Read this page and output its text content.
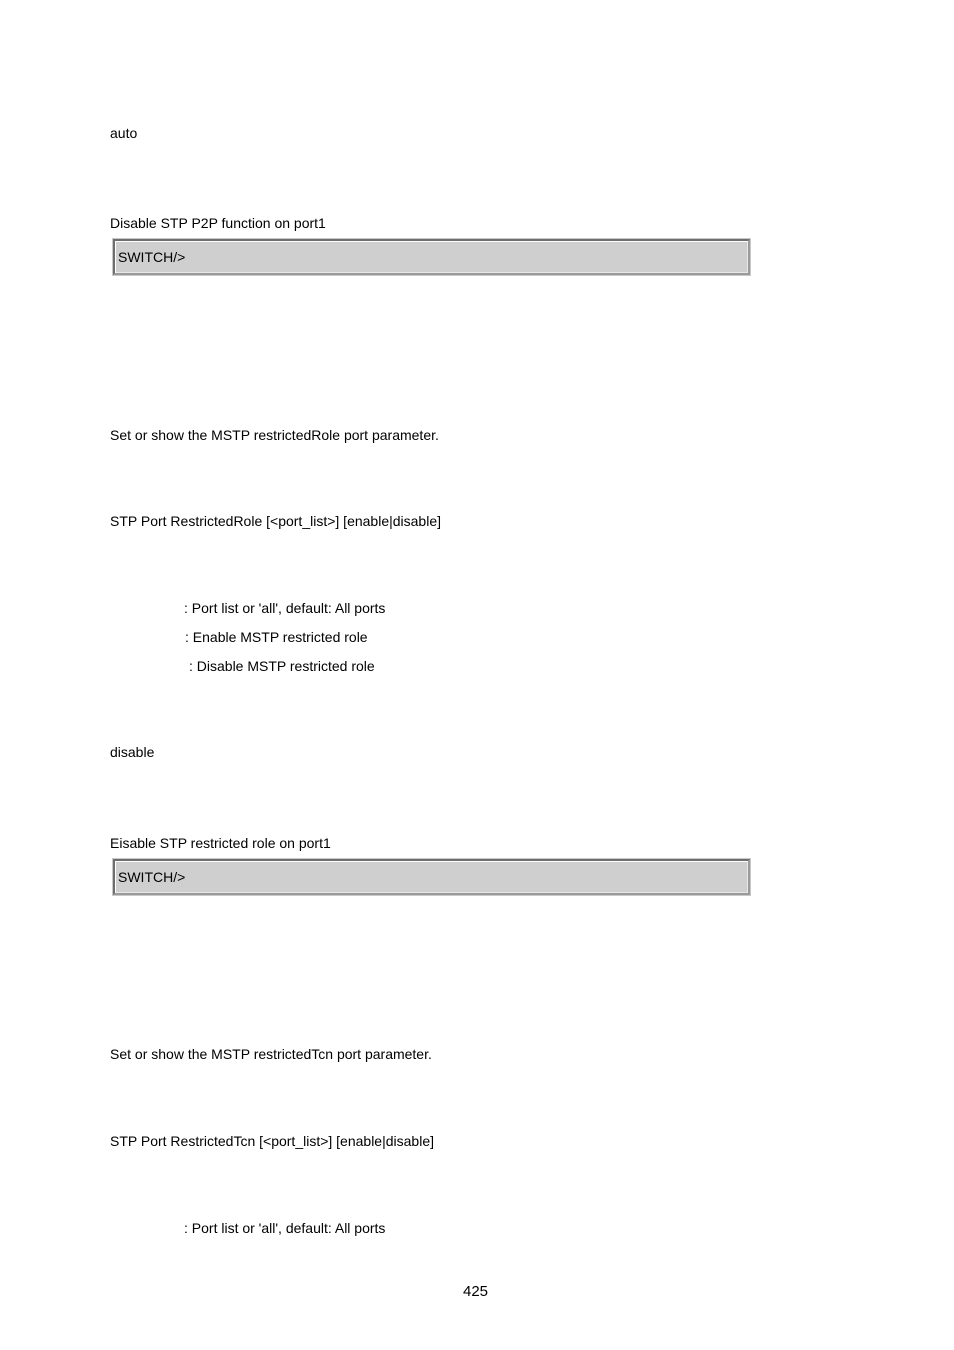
auto
Disable STP P2P function on port1
SWITCH/>
Set or show the MSTP restrictedRole port parameter.
STP Port RestrictedRole [<port_list>] [enable|disable]
: Port list or 'all', default: All ports
: Enable MSTP restricted role
: Disable MSTP restricted role
disable
Eisable STP restricted role on port1
SWITCH/>
Set or show the MSTP restrictedTcn port parameter.
STP Port RestrictedTcn [<port_list>] [enable|disable]
: Port list or 'all', default: All ports
425
